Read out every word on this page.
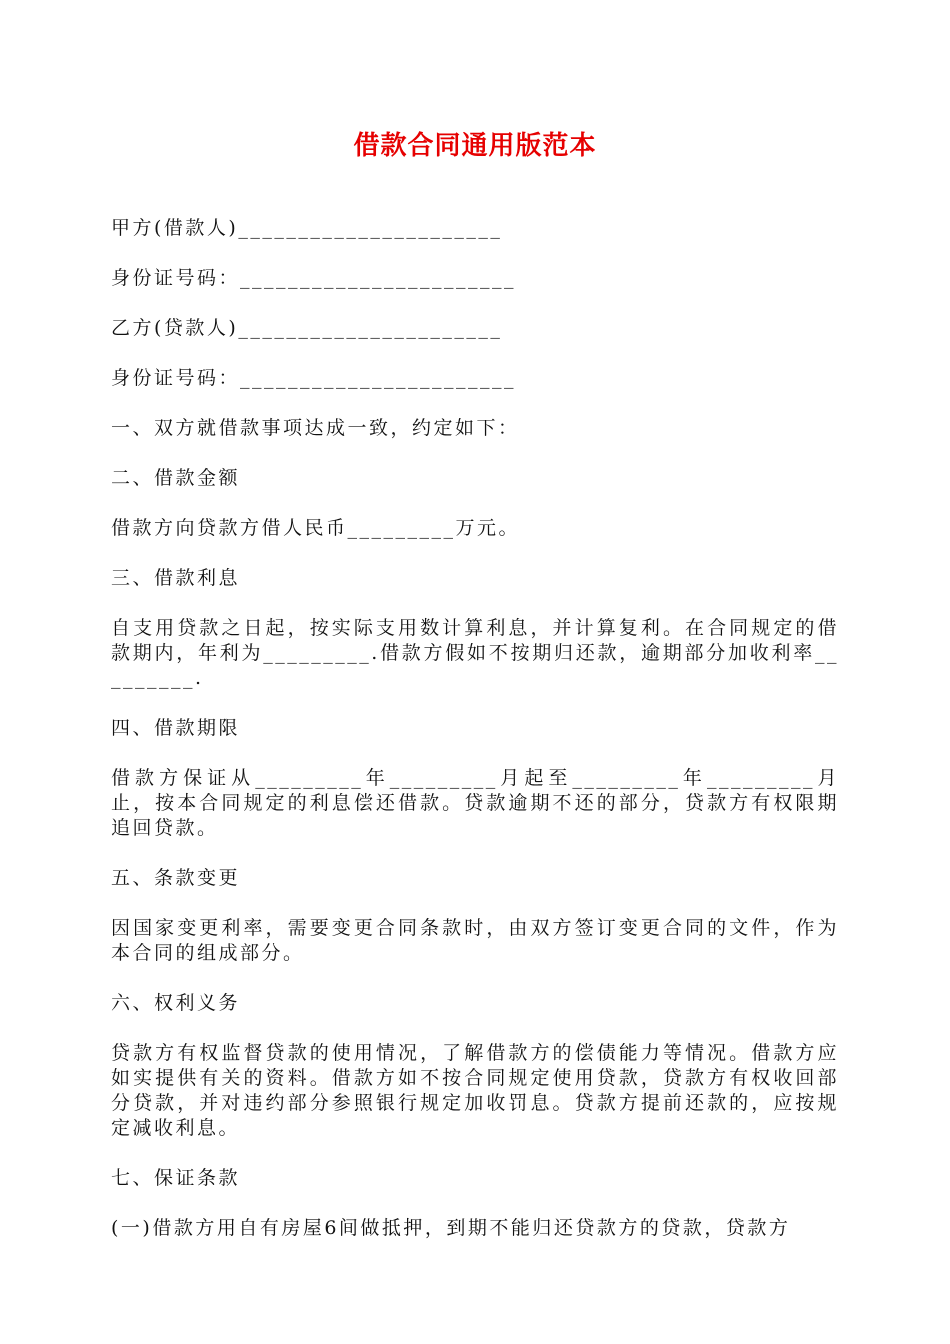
借款合同通用版范本

甲方(借款人)______________________

身份证号码：_______________________

乙方(贷款人)______________________

身份证号码：_______________________

一、双方就借款事项达成一致，约定如下：

二、借款金额

借款方向贷款方借人民币_________万元。

三、借款利息

自支用贷款之日起，按实际支用数计算利息，并计算复利。在合同规定的借款期内，年利为_________.借款方假如不按期归还款，逾期部分加收利率_________.

四、借款期限

借款方保证从_________年_________月起至_________年_________月止，按本合同规定的利息偿还借款。贷款逾期不还的部分，贷款方有权限期追回贷款。

五、条款变更

因国家变更利率，需要变更合同条款时，由双方签订变更合同的文件，作为本合同的组成部分。

六、权利义务

贷款方有权监督贷款的使用情况，了解借款方的偿债能力等情况。借款方应如实提供有关的资料。借款方如不按合同规定使用贷款，贷款方有权收回部分贷款，并对违约部分参照银行规定加收罚息。贷款方提前还款的，应按规定减收利息。

七、保证条款

(一)借款方用自有房屋6间做抵押，到期不能归还贷款方的贷款，贷款方
